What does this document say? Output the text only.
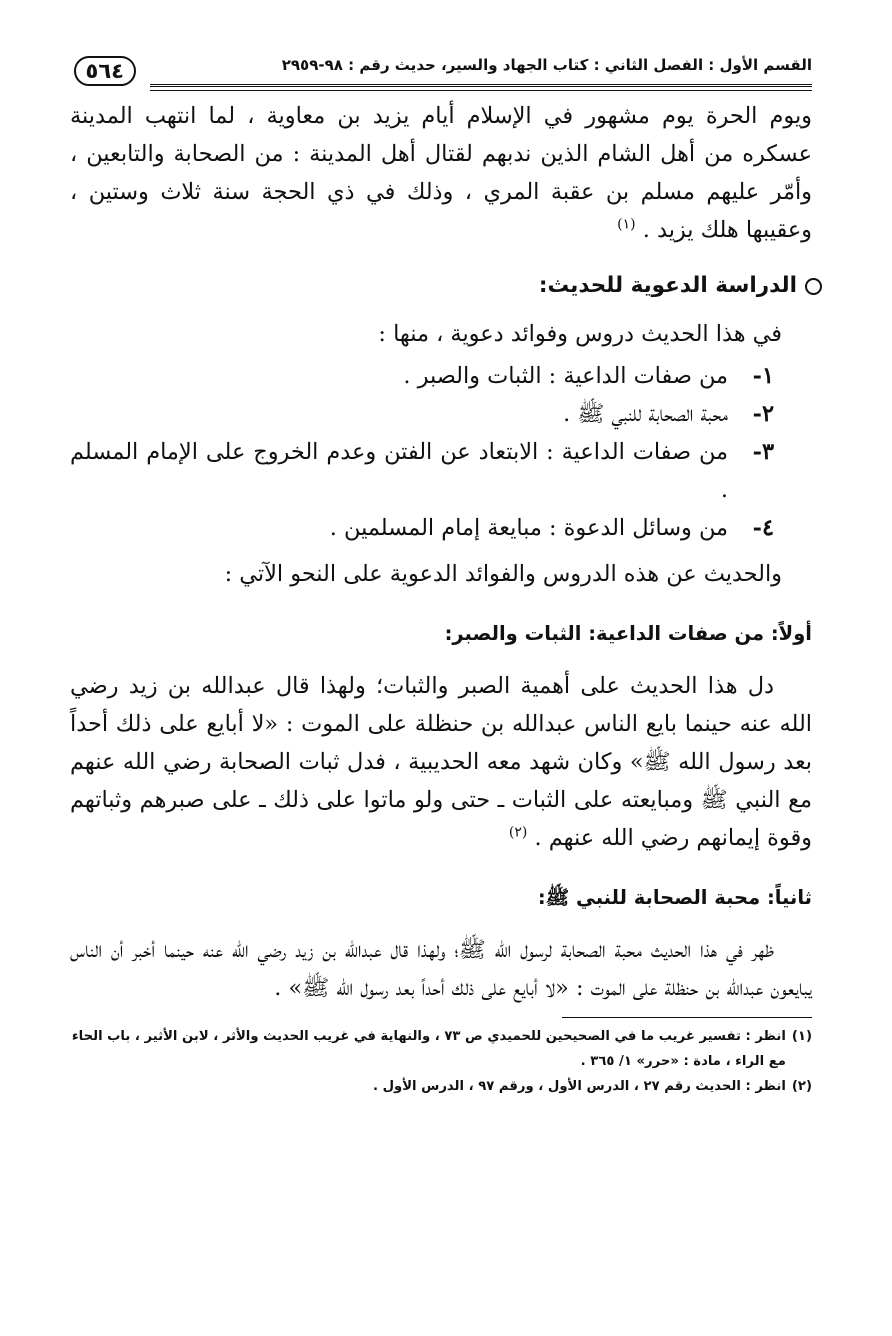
القسم الأول : الفصل الثاني : كتاب الجهاد والسير، حديث رقم : ٩٨-٢٩٥٩
٥٦٤

ويوم الحرة يوم مشهور في الإسلام أيام يزيد بن معاوية ، لما انتهب المدينة عسكره من أهل الشام الذين ندبهم لقتال أهل المدينة : من الصحابة والتابعين ، وأمّر عليهم مسلم بن عقبة المري ، وذلك في ذي الحجة سنة ثلاث وستين ، وعقيبها هلك يزيد . $^{(١)}$

الدراسة الدعوية للحديث:

في هذا الحديث دروس وفوائد دعوية ، منها :

١-
من صفات الداعية : الثبات والصبر .
٢-
محبة الصحابة للنبي ﷺ .
٣-
من صفات الداعية : الابتعاد عن الفتن وعدم الخروج على الإمام المسلم .
٤-
من وسائل الدعوة : مبايعة إمام المسلمين .

والحديث عن هذه الدروس والفوائد الدعوية على النحو الآتي :

أولاً: من صفات الداعية: الثبات والصبر:

دل هذا الحديث على أهمية الصبر والثبات؛ ولهذا قال عبدالله بن زيد رضي الله عنه حينما بايع الناس عبدالله بن حنظلة على الموت : «لا أبايع على ذلك أحداً بعد رسول الله ﷺ» وكان شهد معه الحديبية ، فدل ثبات الصحابة رضي الله عنهم مع النبي ﷺ ومبايعته على الثبات ـ حتى ولو ماتوا على ذلك ـ على صبرهم وثباتهم وقوة إيمانهم رضي الله عنهم . $^{(٢)}$

ثانياً: محبة الصحابة للنبي ﷺ:

ظهر في هذا الحديث محبة الصحابة لرسول الله ﷺ؛ ولهذا قال عبدالله بن زيد رضي الله عنه حينما أخبر أن الناس يبايعون عبدالله بن حنظلة على الموت : «لا أبايع على ذلك أحداً بعد رسول الله ﷺ» .

(١)
انظر : تفسير غريب ما في الصحيحين للحميدي ص ٧٣ ، والنهاية في غريب الحديث والأثر ، لابن الأثير ، باب الحاء مع الراء ، مادة : «حرر» ١/ ٣٦٥ .
(٢)
انظر : الحديث رقم ٢٧ ، الدرس الأول ، ورقم ٩٧ ، الدرس الأول .
